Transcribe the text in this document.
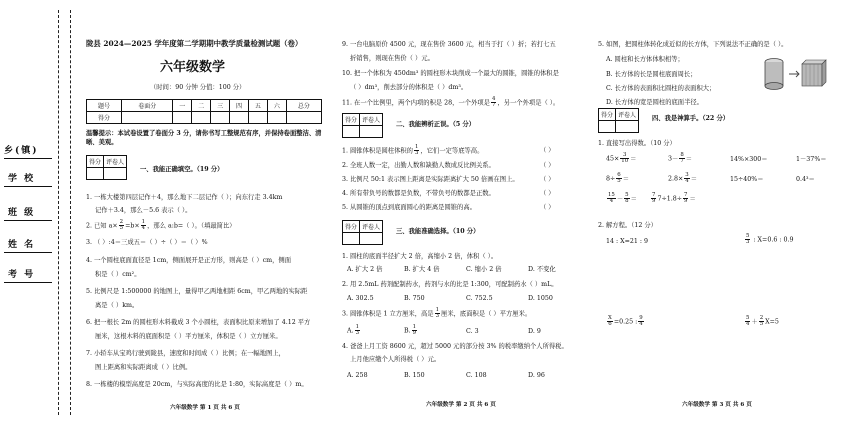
乡(镇)
学 校
班 级
姓 名
考 号
陇县 2024—2025 学年度第二学期期中教学质量检测试题（卷）
六年级数学
（时间：90 分钟 分值：100 分）
题号	卷面分	一	二	三	四	五	六	总分
得分								
温馨提示：本试卷设置了卷面分 3 分，请你书写工整规范有序，并保持卷面整洁、清晰、美观。
得分	评卷人

一、我能正确填空。（19 分）
1. 一栋大楼第四层记作＋4，那么地下二层记作（ ）；向东行走 3.4km
记作＋3.4，那么－5.6 表示（ ）。
2. 已知 $a\times \frac{2}{5} =b\times \frac{1}{4}$ ，那么 a:b=（ ）。（填最简比）
3. （ ）:4＝三成五＝（ ）÷（ ）＝（ ）%
4. 一个圆柱底面直径是 1cm，侧面展开是正方形，则高是（ ）cm，侧面
积是（ ）cm²。
5. 比例尺是 1:500000 的地图上，量得甲乙两地相距 6cm，甲乙两地的实际距
离是（ ）km。
6. 把一根长 2m 的圆柱形木料截成 3 个小圆柱，表面积比原来增加了 4.12 平方
厘米，这根木料的底面积是（ ）平方厘米，体积是（ ）立方厘米。
7. 小轿车从宝鸡行驶到陇县，速度和时间成（ ）比例；在一幅地图上，
图上距离和实际距离成（ ）比例。
8. 一栋楼的模型高度是 20cm，与实际高度的比是 1:80，实际高度是（ ）m。
六年级数学 第 1 页 共 6 页
9. 一台电脑原价 4500 元，现在售价 3600 元，相当于打（ ）折；若打七五
折销售，则现在售价（ ）元。
10. 把一个体积为 450dm³ 的圆柱形木块削成一个最大的圆锥，圆锥的体积是
（ ）dm³，削去部分的体积是（ ）dm³。
11. 在一个比例里，两个内项的积是 28，一个外项是 $\frac{4}{7}$ ，另一个外项是（ ）。
得分	评卷人

二、我能辨析正误。（5 分）
1. 圆锥体积是圆柱体积的 $\frac{1}{3}$ ，它们一定等底等高。	（ ）
2. 全班人数一定，出勤人数和缺勤人数成反比例关系。	（ ）
3. 比例尺 50:1 表示图上距离是实际距离扩大 50 倍画在图上。	（ ）
4. 所有带负号的数都是负数，不带负号的数都是正数。	（ ）
5. 从圆锥的顶点到底面圆心的距离是圆锥的高。	（ ）
得分	评卷人

三、我能准确选择。（10 分）
1. 圆柱的底面半径扩大 2 倍，高缩小 2 倍，体积（ ）。
A. 扩大 2 倍	B. 扩大 4 倍	C. 缩小 2 倍	D. 不变化
2. 用 2.5mL 药剂配制药水，药剂与水的比是 1:300，可配制药水（ ）mL。
A. 302.5	B. 750	C. 752.5	D. 1050
3. 圆锥体积是 1 立方厘米，高是 $\frac{1}{3}$ 厘米，底面积是（ ）平方厘米。
A. $\frac{1}{3}$	B. $\frac{1}{9}$	C. 3	D. 9
4. 爸爸上月工资 8600 元，超过 5000 元的部分按 3% 的税率缴纳个人所得税。
上月他应缴个人所得税（ ）元。
A. 258	B. 150	C. 108	D. 96
六年级数学 第 2 页 共 6 页
5. 如图，把圆柱体转化成近似的长方体，下列说法不正确的是（ ）。
A. 圆柱和长方体体积相等；
B. 长方体的长是圆柱底面周长；
C. 长方体的表面积比圆柱的表面积大；
D. 长方体的宽是圆柱的底面半径。
得分	评卷人
		四、我是神算手。（22 分）
1. 直接写出得数。（10 分）
$45\times \frac{3}{10}$ ＝	$3- \frac{8}{7}$ ＝	14%×300＝	1－37%＝
$8\div \frac{6}{5}$ ＝	$2.8\times \frac{3}{4}$ ＝	15÷40%＝	0.4³＝
$\frac{15}{4} - \frac{5}{8}$ ＝	$\frac{7}{9} 7\div 1.8\div \frac{7}{9}$ ＝
2. 解方程。（12 分）
14 : X=21 : 9	$\frac{5}{3}$ : X=0.6 : 0.9
$\frac{X}{6} =0.25$ : $\frac{9}{4}$	$\frac{5}{4} + \frac{2}{5} X=5$
六年级数学 第 3 页 共 6 页
